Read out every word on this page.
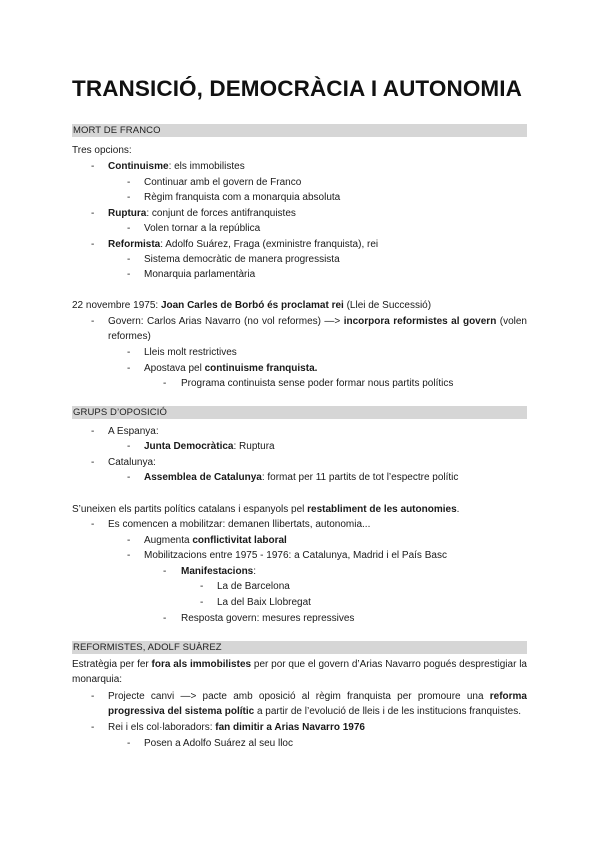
TRANSICIÓ, DEMOCRÀCIA I AUTONOMIA
MORT DE FRANCO
Tres opcions:
- Continuisme: els immobilistes
- Continuar amb el govern de Franco
- Règim franquista com a monarquia absoluta
- Ruptura: conjunt de forces antifranquistes
- Volen tornar a la república
- Reformista: Adolfo Suárez, Fraga (exministre franquista), rei
- Sistema democràtic de manera progressista
- Monarquia parlamentària
22 novembre 1975: Joan Carles de Borbó és proclamat rei (Llei de Successió)
- Govern: Carlos Arias Navarro (no vol reformes) —> incorpora reformistes al govern (volen
reformes)
- Lleis molt restrictives
- Apostava pel continuisme franquista.
- Programa continuista sense poder formar nous partits polítics
GRUPS D’OPOSICIÓ
- A Espanya:
- Junta Democràtica: Ruptura
- Catalunya:
- Assemblea de Catalunya: format per 11 partits de tot l’espectre polític
S’uneixen els partits polítics catalans i espanyols pel restabliment de les autonomies.
- Es comencen a mobilitzar: demanen llibertats, autonomia...
- Augmenta conflictivitat laboral
- Mobilitzacions entre 1975 - 1976: a Catalunya, Madrid i el País Basc
- Manifestacions:
- La de Barcelona
- La del Baix Llobregat
- Resposta govern: mesures repressives
REFORMISTES, ADOLF SUÀREZ
Estratègia per fer fora als immobilistes per por que el govern d’Arias Navarro pogués desprestigiar la
monarquia:
- Projecte canvi —> pacte amb oposició al règim franquista per promoure una reforma
progressiva del sistema polític a partir de l’evolució de lleis i de les institucions franquistes.
- Rei i els col·laboradors: fan dimitir a Arias Navarro 1976
- Posen a Adolfo Suárez al seu lloc
